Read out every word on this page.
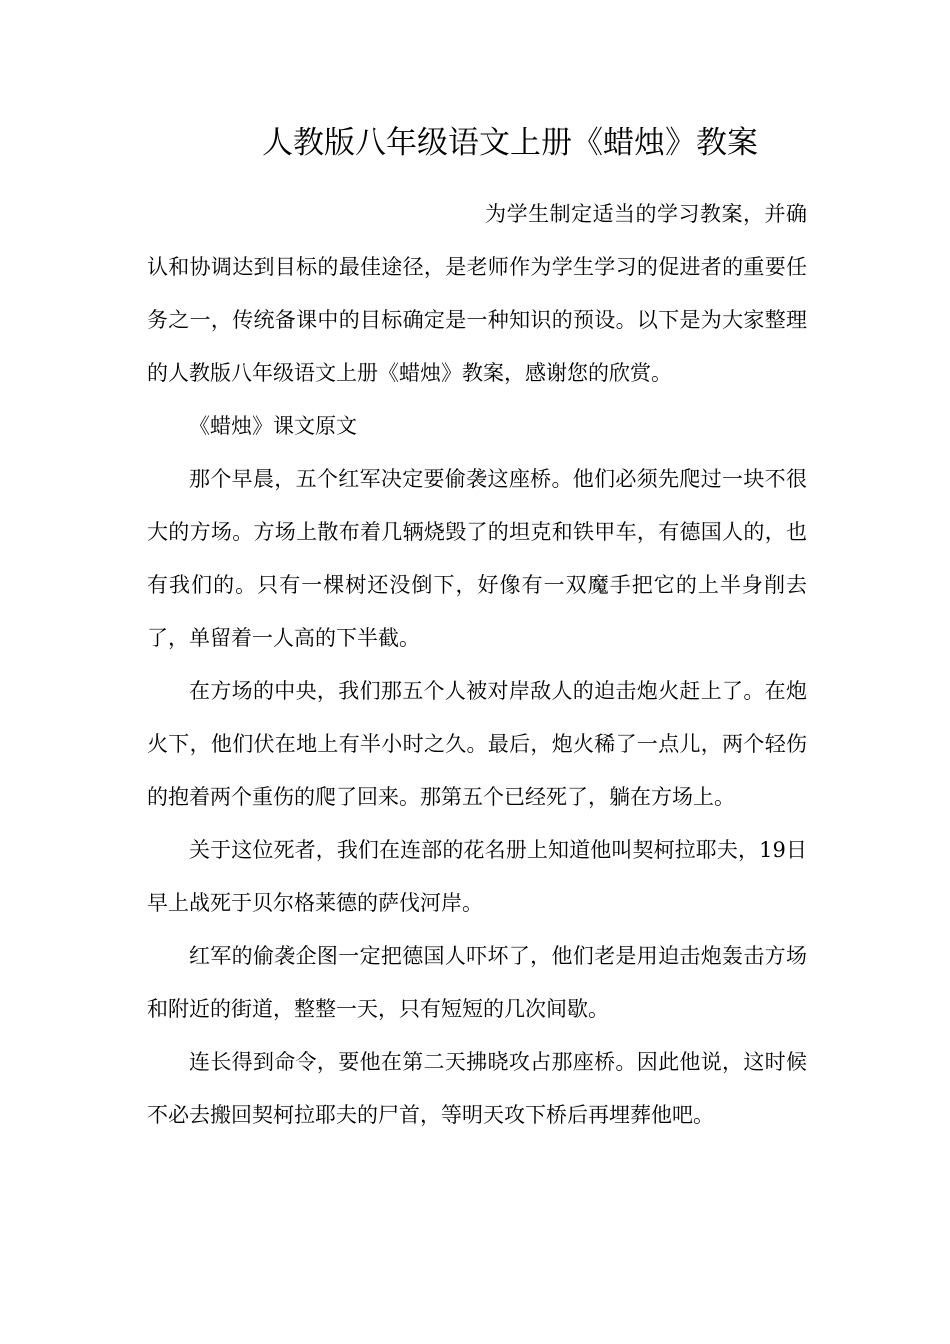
人教版八年级语文上册《蜡烛》教案

为学生制定适当的学习教案，并确认和协调达到目标的最佳途径，是老师作为学生学习的促进者的重要任务之一，传统备课中的目标确定是一种知识的预设。以下是为大家整理的人教版八年级语文上册《蜡烛》教案，感谢您的欣赏。

《蜡烛》课文原文

那个早晨，五个红军决定要偷袭这座桥。他们必须先爬过一块不很大的方场。方场上散布着几辆烧毁了的坦克和铁甲车，有德国人的，也有我们的。只有一棵树还没倒下，好像有一双魔手把它的上半身削去了，单留着一人高的下半截。

在方场的中央，我们那五个人被对岸敌人的迫击炮火赶上了。在炮火下，他们伏在地上有半小时之久。最后，炮火稀了一点儿，两个轻伤的抱着两个重伤的爬了回来。那第五个已经死了，躺在方场上。

关于这位死者，我们在连部的花名册上知道他叫契柯拉耶夫，19日早上战死于贝尔格莱德的萨伐河岸。

红军的偷袭企图一定把德国人吓坏了，他们老是用迫击炮轰击方场和附近的街道，整整一天，只有短短的几次间歇。

连长得到命令，要他在第二天拂晓攻占那座桥。因此他说，这时候不必去搬回契柯拉耶夫的尸首，等明天攻下桥后再埋葬他吧。
